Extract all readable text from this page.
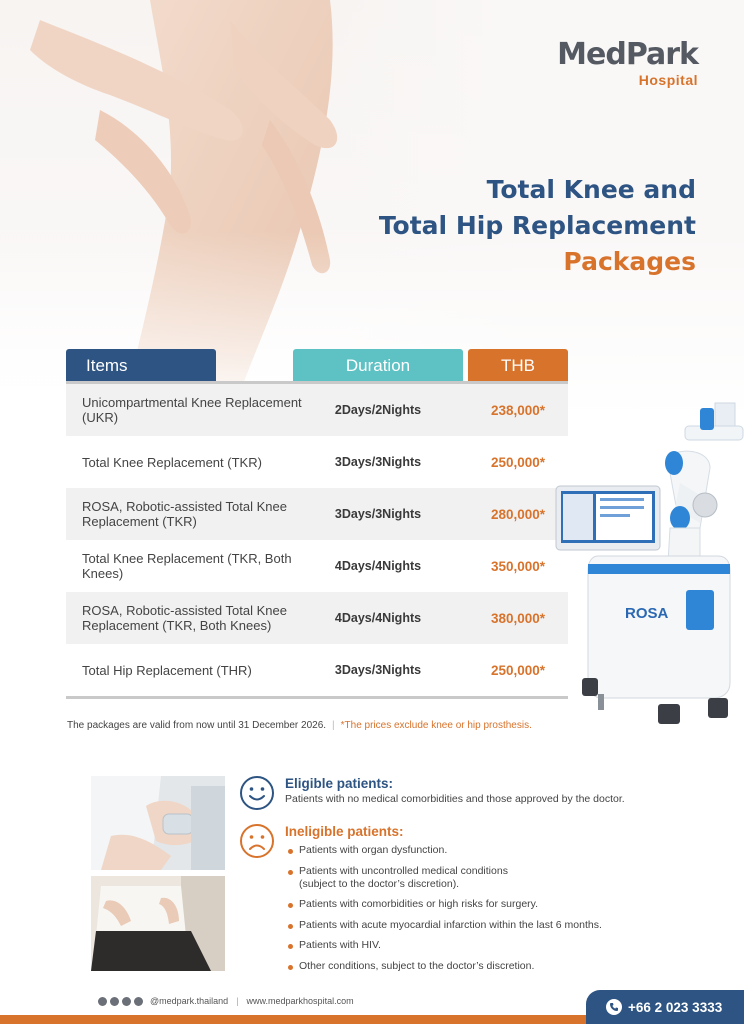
MedPark
Hospital
Total Knee and
Total Hip Replacement
Packages
Items	Duration	THB
Unicompartmental Knee Replacement (UKR)	2Days/2Nights	238,000*
Total Knee Replacement (TKR)	3Days/3Nights	250,000*
ROSA, Robotic-assisted Total Knee Replacement (TKR)	3Days/3Nights	280,000*
Total Knee Replacement (TKR, Both Knees)	4Days/4Nights	350,000*
ROSA, Robotic-assisted Total Knee Replacement (TKR, Both Knees)	4Days/4Nights	380,000*
Total Hip Replacement (THR)	3Days/3Nights	250,000*
The packages are valid from now until 31 December 2026. | *The prices exclude knee or hip prosthesis.
ROSA
Eligible patients:
Patients with no medical comorbidities and those approved by the doctor.
Ineligible patients:
Patients with organ dysfunction.
Patients with uncontrolled medical conditions
(subject to the doctor’s discretion).
Patients with comorbidities or high risks for surgery.
Patients with acute myocardial infarction within the last 6 months.
Patients with HIV.
Other conditions, subject to the doctor’s discretion.
@medpark.thailand | www.medparkhospital.com	+66 2 023 3333
